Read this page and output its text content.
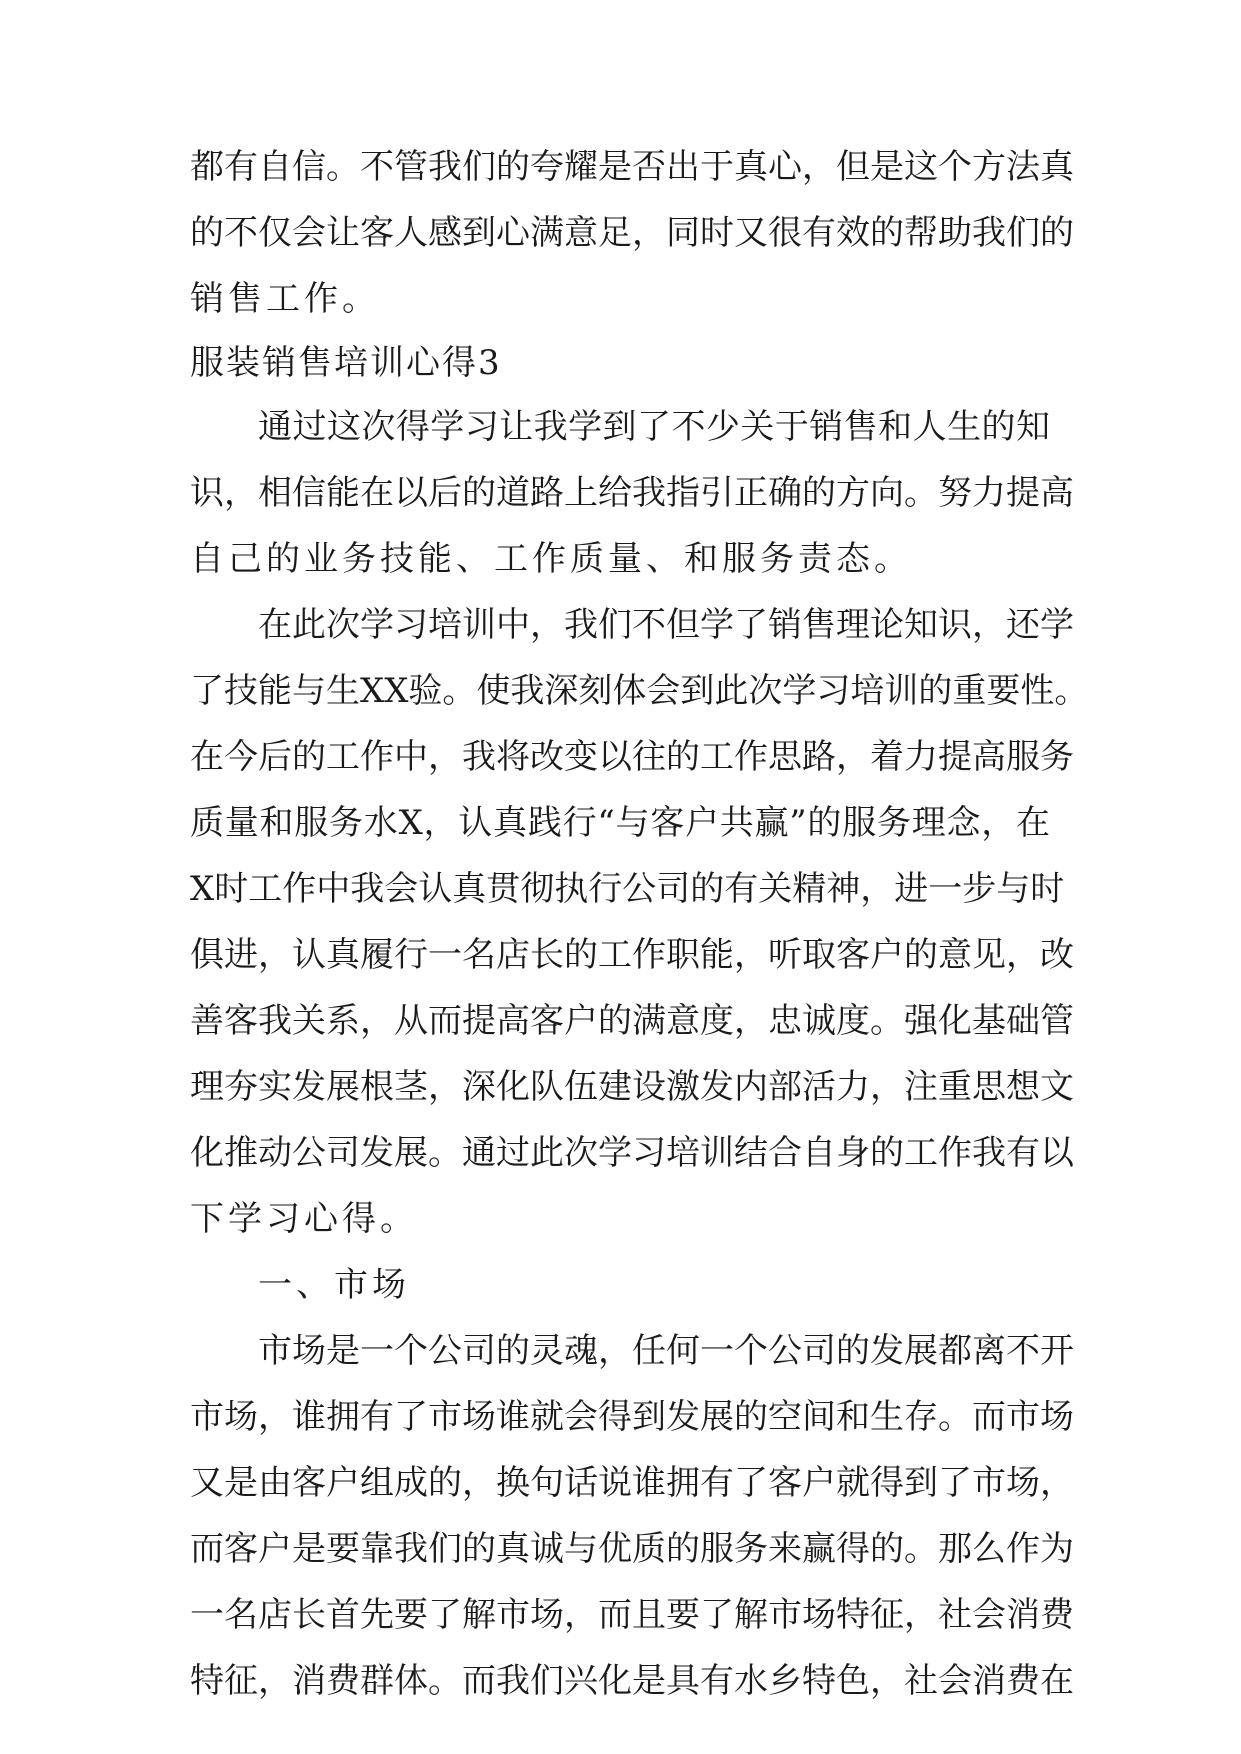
都有自信。不管我们的夸耀是否出于真心，但是这个方法真
的不仅会让客人感到心满意足，同时又很有效的帮助我们的
销售工作。
服装销售培训心得3
通过这次得学习让我学到了不少关于销售和人生的知
识，相信能在以后的道路上给我指引正确的方向。努力提高
自己的业务技能、工作质量、和服务责态。
在此次学习培训中，我们不但学了销售理论知识，还学
了技能与生XX验。使我深刻体会到此次学习培训的重要性。
在今后的工作中，我将改变以往的工作思路，着力提高服务
质量和服务水X，认真践行“与客户共赢”的服务理念，在
X时工作中我会认真贯彻执行公司的有关精神，进一步与时
俱进，认真履行一名店长的工作职能，听取客户的意见，改
善客我关系，从而提高客户的满意度，忠诚度。强化基础管
理夯实发展根茎，深化队伍建设激发内部活力，注重思想文
化推动公司发展。通过此次学习培训结合自身的工作我有以
下学习心得。
一、市场
市场是一个公司的灵魂，任何一个公司的发展都离不开
市场，谁拥有了市场谁就会得到发展的空间和生存。而市场
又是由客户组成的，换句话说谁拥有了客户就得到了市场，
而客户是要靠我们的真诚与优质的服务来赢得的。那么作为
一名店长首先要了解市场，而且要了解市场特征，社会消费
特征，消费群体。而我们兴化是具有水乡特色，社会消费在
